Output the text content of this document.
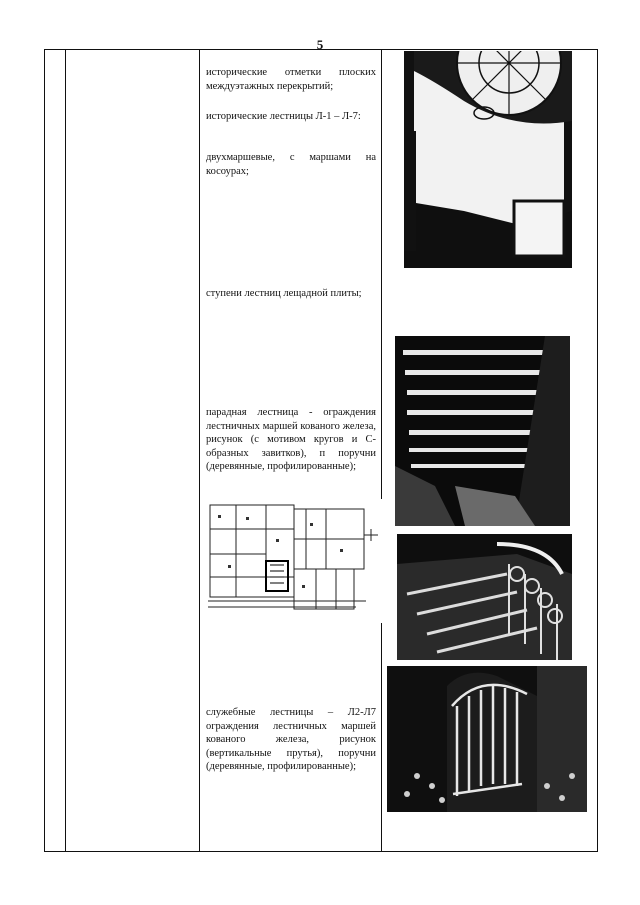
5
исторические отметки плоских междуэтажных перекрытий;
исторические лестницы Л-1 – Л-7:
двухмаршевые, с маршами на косоурах;
ступени лестниц лещадной плиты;
парадная лестница - ограждения лестничных маршей кованого железа, рисунок (с мотивом кругов и С-образных завитков), п поручни (деревянные, профилированные);
служебные лестницы – Л2-Л7 ограждения лестничных маршей кованого железа, рисунок (вертикальные прутья), поручни (деревянные, профилированные);
